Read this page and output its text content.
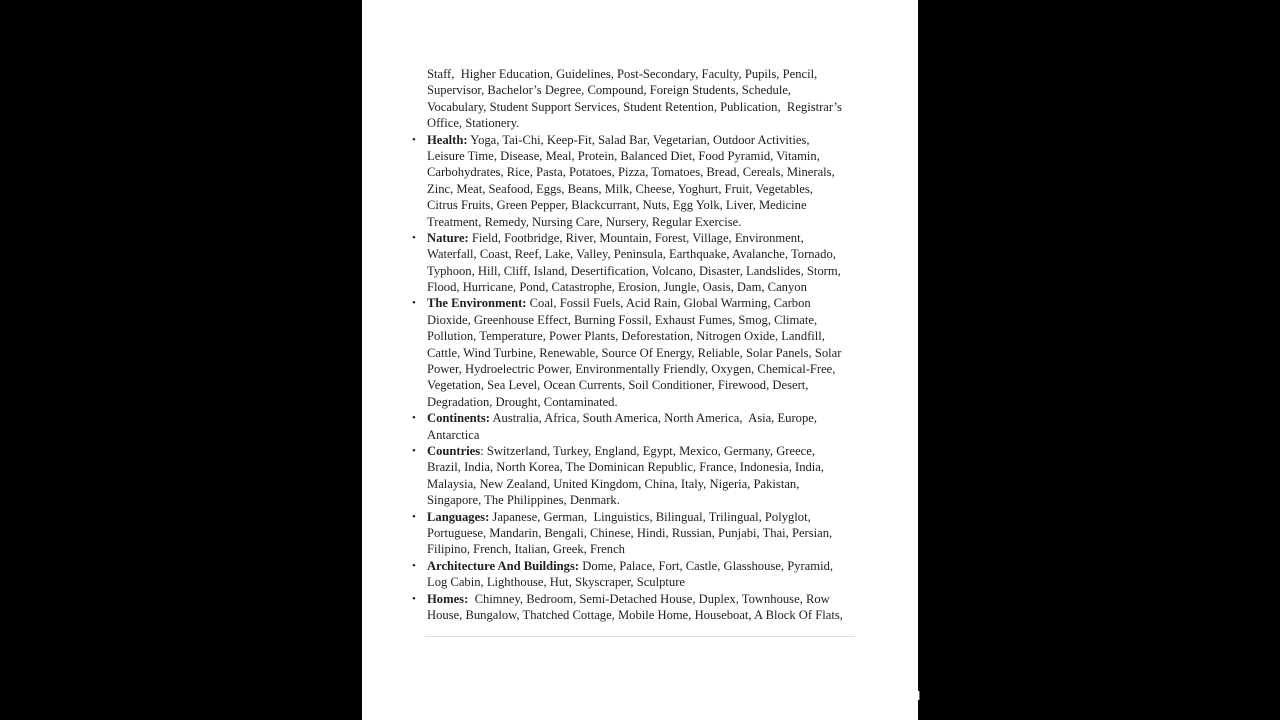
Staff,  Higher Education, Guidelines, Post-Secondary, Faculty, Pupils, Pencil,
Supervisor, Bachelor’s Degree, Compound, Foreign Students, Schedule,
Vocabulary, Student Support Services, Student Retention, Publication,  Registrar’s
Office, Stationery.
• Health: Yoga, Tai-Chi, Keep-Fit, Salad Bar, Vegetarian, Outdoor Activities,
Leisure Time, Disease, Meal, Protein, Balanced Diet, Food Pyramid, Vitamin,
Carbohydrates, Rice, Pasta, Potatoes, Pizza, Tomatoes, Bread, Cereals, Minerals,
Zinc, Meat, Seafood, Eggs, Beans, Milk, Cheese, Yoghurt, Fruit, Vegetables,
Citrus Fruits, Green Pepper, Blackcurrant, Nuts, Egg Yolk, Liver, Medicine
Treatment, Remedy, Nursing Care, Nursery, Regular Exercise.
• Nature: Field, Footbridge, River, Mountain, Forest, Village, Environment,
Waterfall, Coast, Reef, Lake, Valley, Peninsula, Earthquake, Avalanche, Tornado,
Typhoon, Hill, Cliff, Island, Desertification, Volcano, Disaster, Landslides, Storm,
Flood, Hurricane, Pond, Catastrophe, Erosion, Jungle, Oasis, Dam, Canyon
• The Environment: Coal, Fossil Fuels, Acid Rain, Global Warming, Carbon
Dioxide, Greenhouse Effect, Burning Fossil, Exhaust Fumes, Smog, Climate,
Pollution, Temperature, Power Plants, Deforestation, Nitrogen Oxide, Landfill,
Cattle, Wind Turbine, Renewable, Source Of Energy, Reliable, Solar Panels, Solar
Power, Hydroelectric Power, Environmentally Friendly, Oxygen, Chemical-Free,
Vegetation, Sea Level, Ocean Currents, Soil Conditioner, Firewood, Desert,
Degradation, Drought, Contaminated.
• Continents: Australia, Africa, South America, North America,  Asia, Europe,
Antarctica
• Countries: Switzerland, Turkey, England, Egypt, Mexico, Germany, Greece,
Brazil, India, North Korea, The Dominican Republic, France, Indonesia, India,
Malaysia, New Zealand, United Kingdom, China, Italy, Nigeria, Pakistan,
Singapore, The Philippines, Denmark.
• Languages: Japanese, German,  Linguistics, Bilingual, Trilingual, Polyglot,
Portuguese, Mandarin, Bengali, Chinese, Hindi, Russian, Punjabi, Thai, Persian,
Filipino, French, Italian, Greek, French
• Architecture And Buildings: Dome, Palace, Fort, Castle, Glasshouse, Pyramid,
Log Cabin, Lighthouse, Hut, Skyscraper, Sculpture
• Homes:  Chimney, Bedroom, Semi-Detached House, Duplex, Townhouse, Row
House, Bungalow, Thatched Cottage, Mobile Home, Houseboat, A Block Of Flats,
IELTS with JESAN
